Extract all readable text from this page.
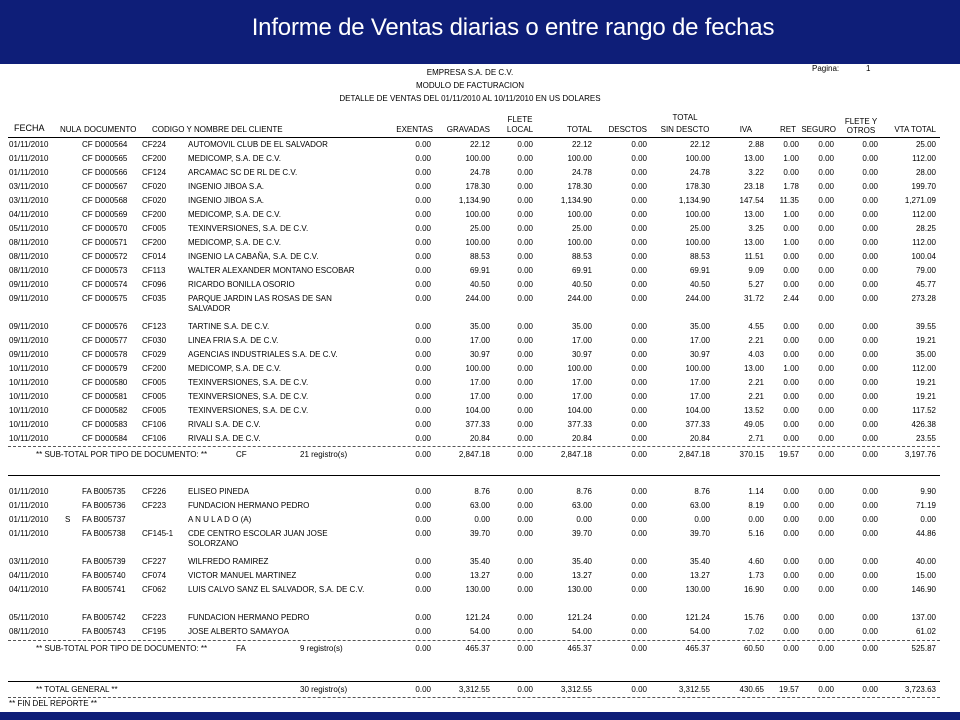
Informe de Ventas diarias o entre rango de fechas
EMPRESA S.A. DE C.V.
MODULO DE FACTURACION
DETALLE DE VENTAS DEL 01/11/2010 AL 10/11/2010 EN US DOLARES
Pagina:	1
FECHA NULA DOCUMENTO CODIGO Y NOMBRE DEL CLIENTE	EXENTAS GRAVADAS
FLETE
LOCAL	TOTAL DESCTOS
TOTAL
SIN DESCTO	IVA	RET SEGURO
FLETE Y
OTROS	VTA TOTAL
01/11/2010	CF D000564 CF224	AUTOMOVIL CLUB DE EL SALVADOR	0.00	22.12	0.00	22.12	0.00	22.12	2.88 0.00 0.00	0.00	25.00
01/11/2010	CF D000565 CF200	MEDICOMP, S.A. DE C.V.	0.00	100.00	0.00	100.00	0.00	100.00	13.00 1.00 0.00	0.00	112.00
01/11/2010	CF D000566 CF124	ARCAMAC SC DE RL DE C.V.	0.00	24.78	0.00	24.78	0.00	24.78	3.22 0.00 0.00	0.00	28.00
03/11/2010	CF D000567 CF020	INGENIO JIBOA S.A.	0.00	178.30	0.00	178.30	0.00	178.30	23.18 1.78 0.00	0.00	199.70
03/11/2010	CF D000568 CF020	INGENIO JIBOA S.A.	0.00	1,134.90	0.00	1,134.90	0.00	1,134.90	147.54 11.35 0.00	0.00	1,271.09
04/11/2010	CF D000569 CF200	MEDICOMP, S.A. DE C.V.	0.00	100.00	0.00	100.00	0.00	100.00	13.00 1.00 0.00	0.00	112.00
05/11/2010	CF D000570 CF005	TEXINVERSIONES, S.A. DE C.V.	0.00	25.00	0.00	25.00	0.00	25.00	3.25 0.00 0.00	0.00	28.25
08/11/2010	CF D000571 CF200	MEDICOMP, S.A. DE C.V.	0.00	100.00	0.00	100.00	0.00	100.00	13.00 1.00 0.00	0.00	112.00
08/11/2010	CF D000572 CF014	INGENIO LA CABAÑA, S.A. DE C.V.	0.00	88.53	0.00	88.53	0.00	88.53	11.51 0.00 0.00	0.00	100.04
08/11/2010	CF D000573 CF113	WALTER ALEXANDER MONTANO ESCOBAR	0.00	69.91	0.00	69.91	0.00	69.91	9.09 0.00 0.00	0.00	79.00
09/11/2010	CF D000574 CF096	RICARDO BONILLA OSORIO	0.00	40.50	0.00	40.50	0.00	40.50	5.27 0.00 0.00	0.00	45.77
09/11/2010	CF D000575 CF035	PARQUE JARDIN LAS ROSAS DE SAN SALVADOR
0.00	244.00	0.00	244.00	0.00	244.00	31.72 2.44 0.00	0.00	273.28
09/11/2010	CF D000576 CF123	TARTINE S.A. DE C.V.	0.00	35.00	0.00	35.00	0.00	35.00	4.55 0.00 0.00	0.00	39.55
09/11/2010	CF D000577 CF030	LINEA FRIA S.A. DE C.V.	0.00	17.00	0.00	17.00	0.00	17.00	2.21 0.00 0.00	0.00	19.21
09/11/2010	CF D000578 CF029	AGENCIAS INDUSTRIALES S.A. DE C.V.	0.00	30.97	0.00	30.97	0.00	30.97	4.03 0.00 0.00	0.00	35.00
10/11/2010	CF D000579 CF200	MEDICOMP, S.A. DE C.V.	0.00	100.00	0.00	100.00	0.00	100.00	13.00 1.00 0.00	0.00	112.00
10/11/2010	CF D000580 CF005	TEXINVERSIONES, S.A. DE C.V.	0.00	17.00	0.00	17.00	0.00	17.00	2.21 0.00 0.00	0.00	19.21
10/11/2010	CF D000581 CF005	TEXINVERSIONES, S.A. DE C.V.	0.00	17.00	0.00	17.00	0.00	17.00	2.21 0.00 0.00	0.00	19.21
10/11/2010	CF D000582 CF005	TEXINVERSIONES, S.A. DE C.V.	0.00	104.00	0.00	104.00	0.00	104.00	13.52 0.00 0.00	0.00	117.52
10/11/2010	CF D000583 CF106	RIVALI S.A. DE C.V.	0.00	377.33	0.00	377.33	0.00	377.33	49.05 0.00 0.00	0.00	426.38
10/11/2010	CF D000584 CF106	RIVALI S.A. DE C.V.	0.00	20.84	0.00	20.84	0.00	20.84	2.71 0.00 0.00	0.00	23.55
** SUB-TOTAL POR TIPO DE DOCUMENTO: **	CF	21 registro(s)	0.00	2,847.18	0.00	2,847.18	0.00	2,847.18	370.15 19.57 0.00	0.00	3,197.76
01/11/2010	FA B005735 CF226	ELISEO PINEDA	0.00	8.76	0.00	8.76	0.00	8.76	1.14 0.00 0.00	0.00	9.90
01/11/2010	FA B005736 CF223	FUNDACION HERMANO PEDRO	0.00	63.00	0.00	63.00	0.00	63.00	8.19 0.00 0.00	0.00	71.19
01/11/2010 S FA B005737	A N U L A D O (A)	0.00	0.00	0.00	0.00	0.00	0.00	0.00 0.00 0.00	0.00	0.00
01/11/2010	FA B005738 CF145-1 CDE CENTRO ESCOLAR JUAN JOSE SOLORZANO
0.00	39.70	0.00	39.70	0.00	39.70	5.16 0.00 0.00	0.00	44.86
03/11/2010	FA B005739 CF227	WILFREDO RAMIREZ	0.00	35.40	0.00	35.40	0.00	35.40	4.60 0.00 0.00	0.00	40.00
04/11/2010	FA B005740 CF074	VICTOR MANUEL MARTINEZ	0.00	13.27	0.00	13.27	0.00	13.27	1.73 0.00 0.00	0.00	15.00
04/11/2010	FA B005741 CF062	LUIS CALVO SANZ EL SALVADOR, S.A. DE C.V.	0.00	130.00	0.00	130.00	0.00	130.00	16.90 0.00 0.00	0.00	146.90
05/11/2010	FA B005742 CF223	FUNDACION HERMANO PEDRO	0.00	121.24	0.00	121.24	0.00	121.24	15.76 0.00 0.00	0.00	137.00
08/11/2010	FA B005743 CF195	JOSE ALBERTO SAMAYOA	0.00	54.00	0.00	54.00	0.00	54.00	7.02 0.00 0.00	0.00	61.02
** SUB-TOTAL POR TIPO DE DOCUMENTO: **	FA	9 registro(s)	0.00	465.37	0.00	465.37	0.00	465.37	60.50 0.00 0.00	0.00	525.87
** TOTAL GENERAL **	30 registro(s)	0.00	3,312.55	0.00	3,312.55	0.00	3,312.55	430.65 19.57 0.00	0.00	3,723.63
** FIN DEL REPORTE **
